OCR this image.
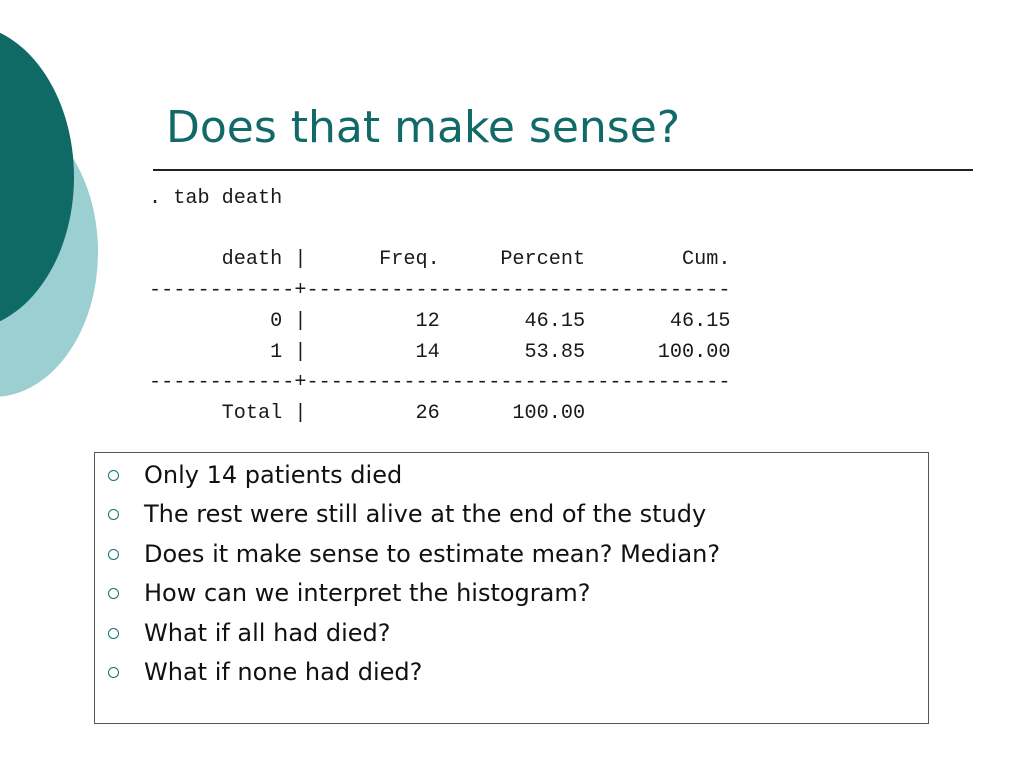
Does that make sense?
. tab death
death |      Freq.     Percent        Cum.
------------+-----------------------------------
0 |         12       46.15       46.15
1 |         14       53.85      100.00
------------+-----------------------------------
Total |         26      100.00
Only 14 patients died
The rest were still alive at the end of the study
Does it make sense to estimate mean? Median?
How can we interpret the histogram?
What if all had died?
What if none had died?
